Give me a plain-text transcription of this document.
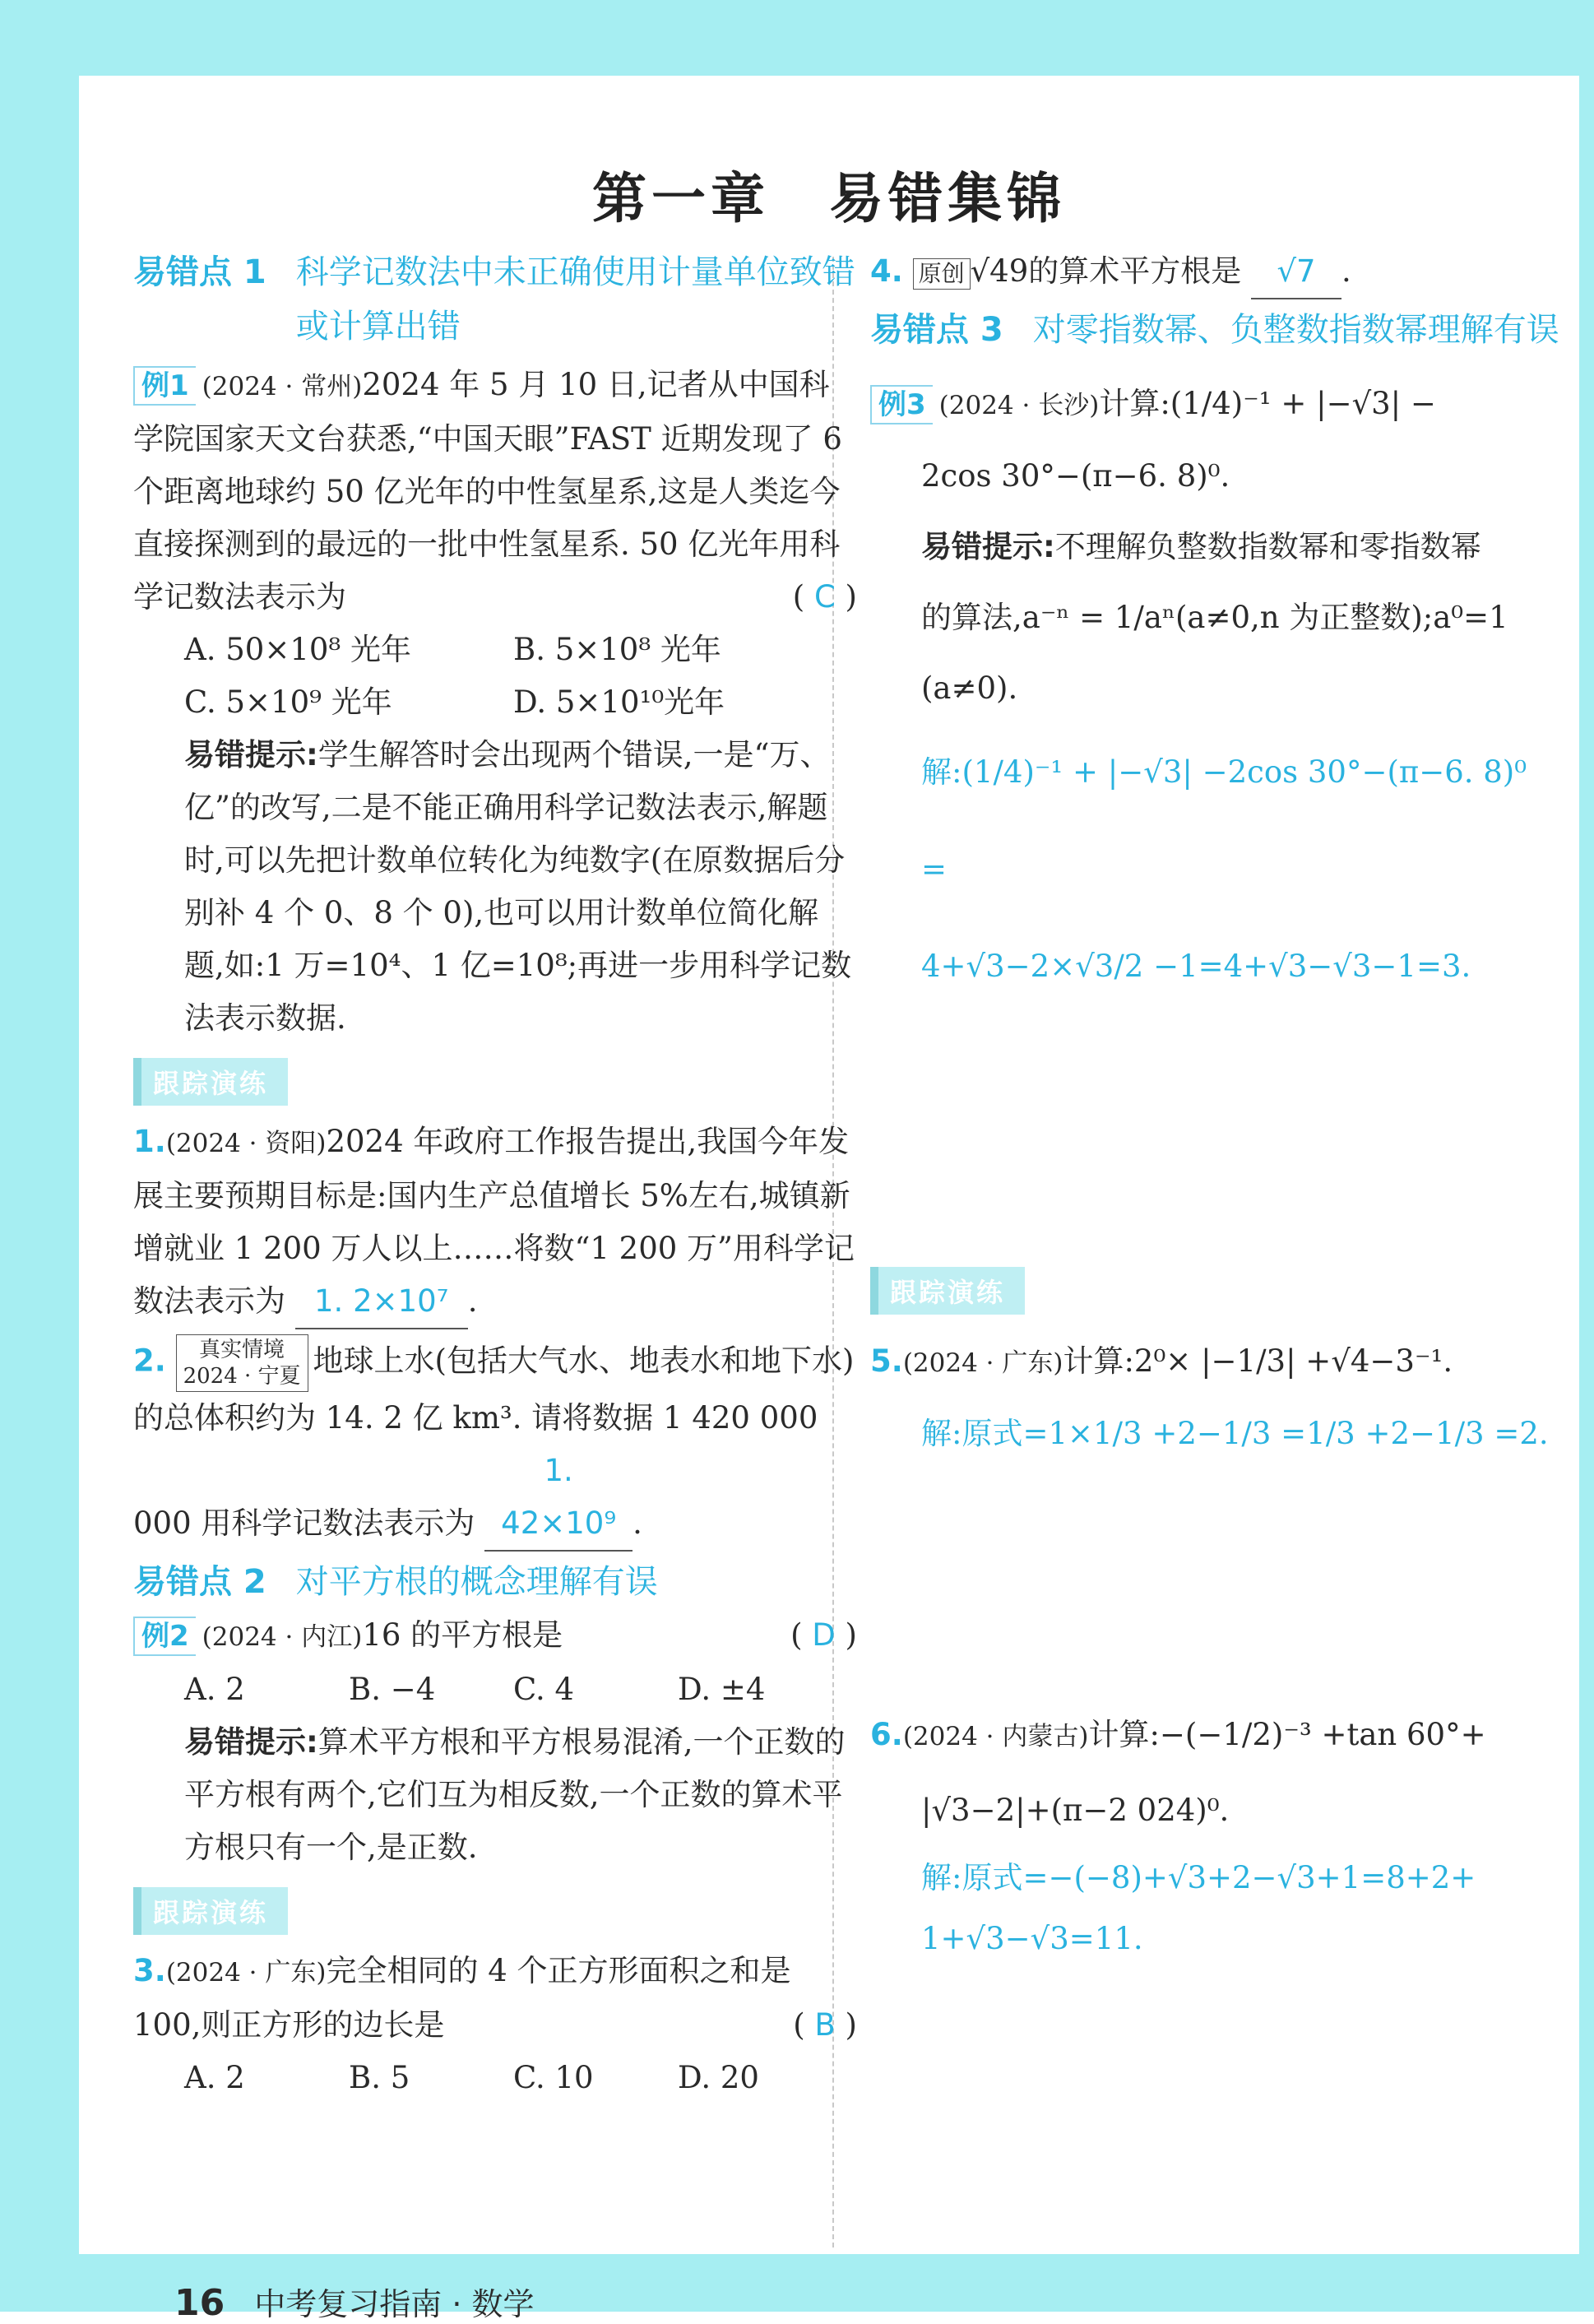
第一章　易错集锦
易错点 1 科学记数法中未正确使用计量单位致错或计算出错
例1 (2024 · 常州)2024 年 5 月 10 日,记者从中国科学院国家天文台获悉,“中国天眼”FAST 近期发现了 6 个距离地球约 50 亿光年的中性氢星系,这是人类迄今直接探测到的最远的一批中性氢星系. 50 亿光年用科学记数法表示为	( C )
A. 50×10⁸ 光年	B. 5×10⁸ 光年
C. 5×10⁹ 光年	D. 5×10¹⁰光年
易错提示:学生解答时会出现两个错误,一是“万、亿”的改写,二是不能正确用科学记数法表示,解题时,可以先把计数单位转化为纯数字(在原数据后分别补 4 个 0、8 个 0),也可以用计数单位简化解题,如:1 万=10⁴、1 亿=10⁸;再进一步用科学记数法表示数据.
跟踪演练
1.(2024 · 资阳)2024 年政府工作报告提出,我国今年发展主要预期目标是:国内生产总值增长 5%左右,城镇新增就业 1 200 万人以上……将数“1 200 万”用科学记数法表示为 1. 2×10⁷ .
2. 真实情境
2024 · 宁夏 地球上水(包括大气水、地表水和地下水)的总体积约为 14. 2 亿 km³. 请将数据 1 420 000 000 用科学记数法表示为 1. 42×10⁹ .
易错点 2 对平方根的概念理解有误
例2 (2024 · 内江)16 的平方根是	( D )
A. 2	B. −4	C. 4	D. ±4
易错提示:算术平方根和平方根易混淆,一个正数的平方根有两个,它们互为相反数,一个正数的算术平方根只有一个,是正数.
跟踪演练
3.(2024 · 广东)完全相同的 4 个正方形面积之和是 100,则正方形的边长是	( B )
A. 2	B. 5	C. 10	D. 20
4. 原创 √49的算术平方根是 √7 .
易错点 3 对零指数幂、负整数指数幂理解有误
例3 (2024 · 长沙)计算:(1/4)⁻¹ + |−√3| −
2cos 30°−(π−6. 8)⁰.
易错提示:不理解负整数指数幂和零指数幂
的算法,a⁻ⁿ = 1/aⁿ(a≠0,n 为正整数);a⁰=1
(a≠0).
解:(1/4)⁻¹ + |−√3| −2cos 30°−(π−6. 8)⁰ =
4+√3−2×√3/2 −1=4+√3−√3−1=3.
跟踪演练
5.(2024 · 广东)计算:2⁰× |−1/3| +√4−3⁻¹.
解:原式=1×1/3 +2−1/3 =1/3 +2−1/3 =2.
6.(2024 · 内蒙古)计算:−(−1/2)⁻³ +tan 60°+
|√3−2|+(π−2 024)⁰.
解:原式=−(−8)+√3+2−√3+1=8+2+
1+√3−√3=11.
16 中考复习指南 · 数学
